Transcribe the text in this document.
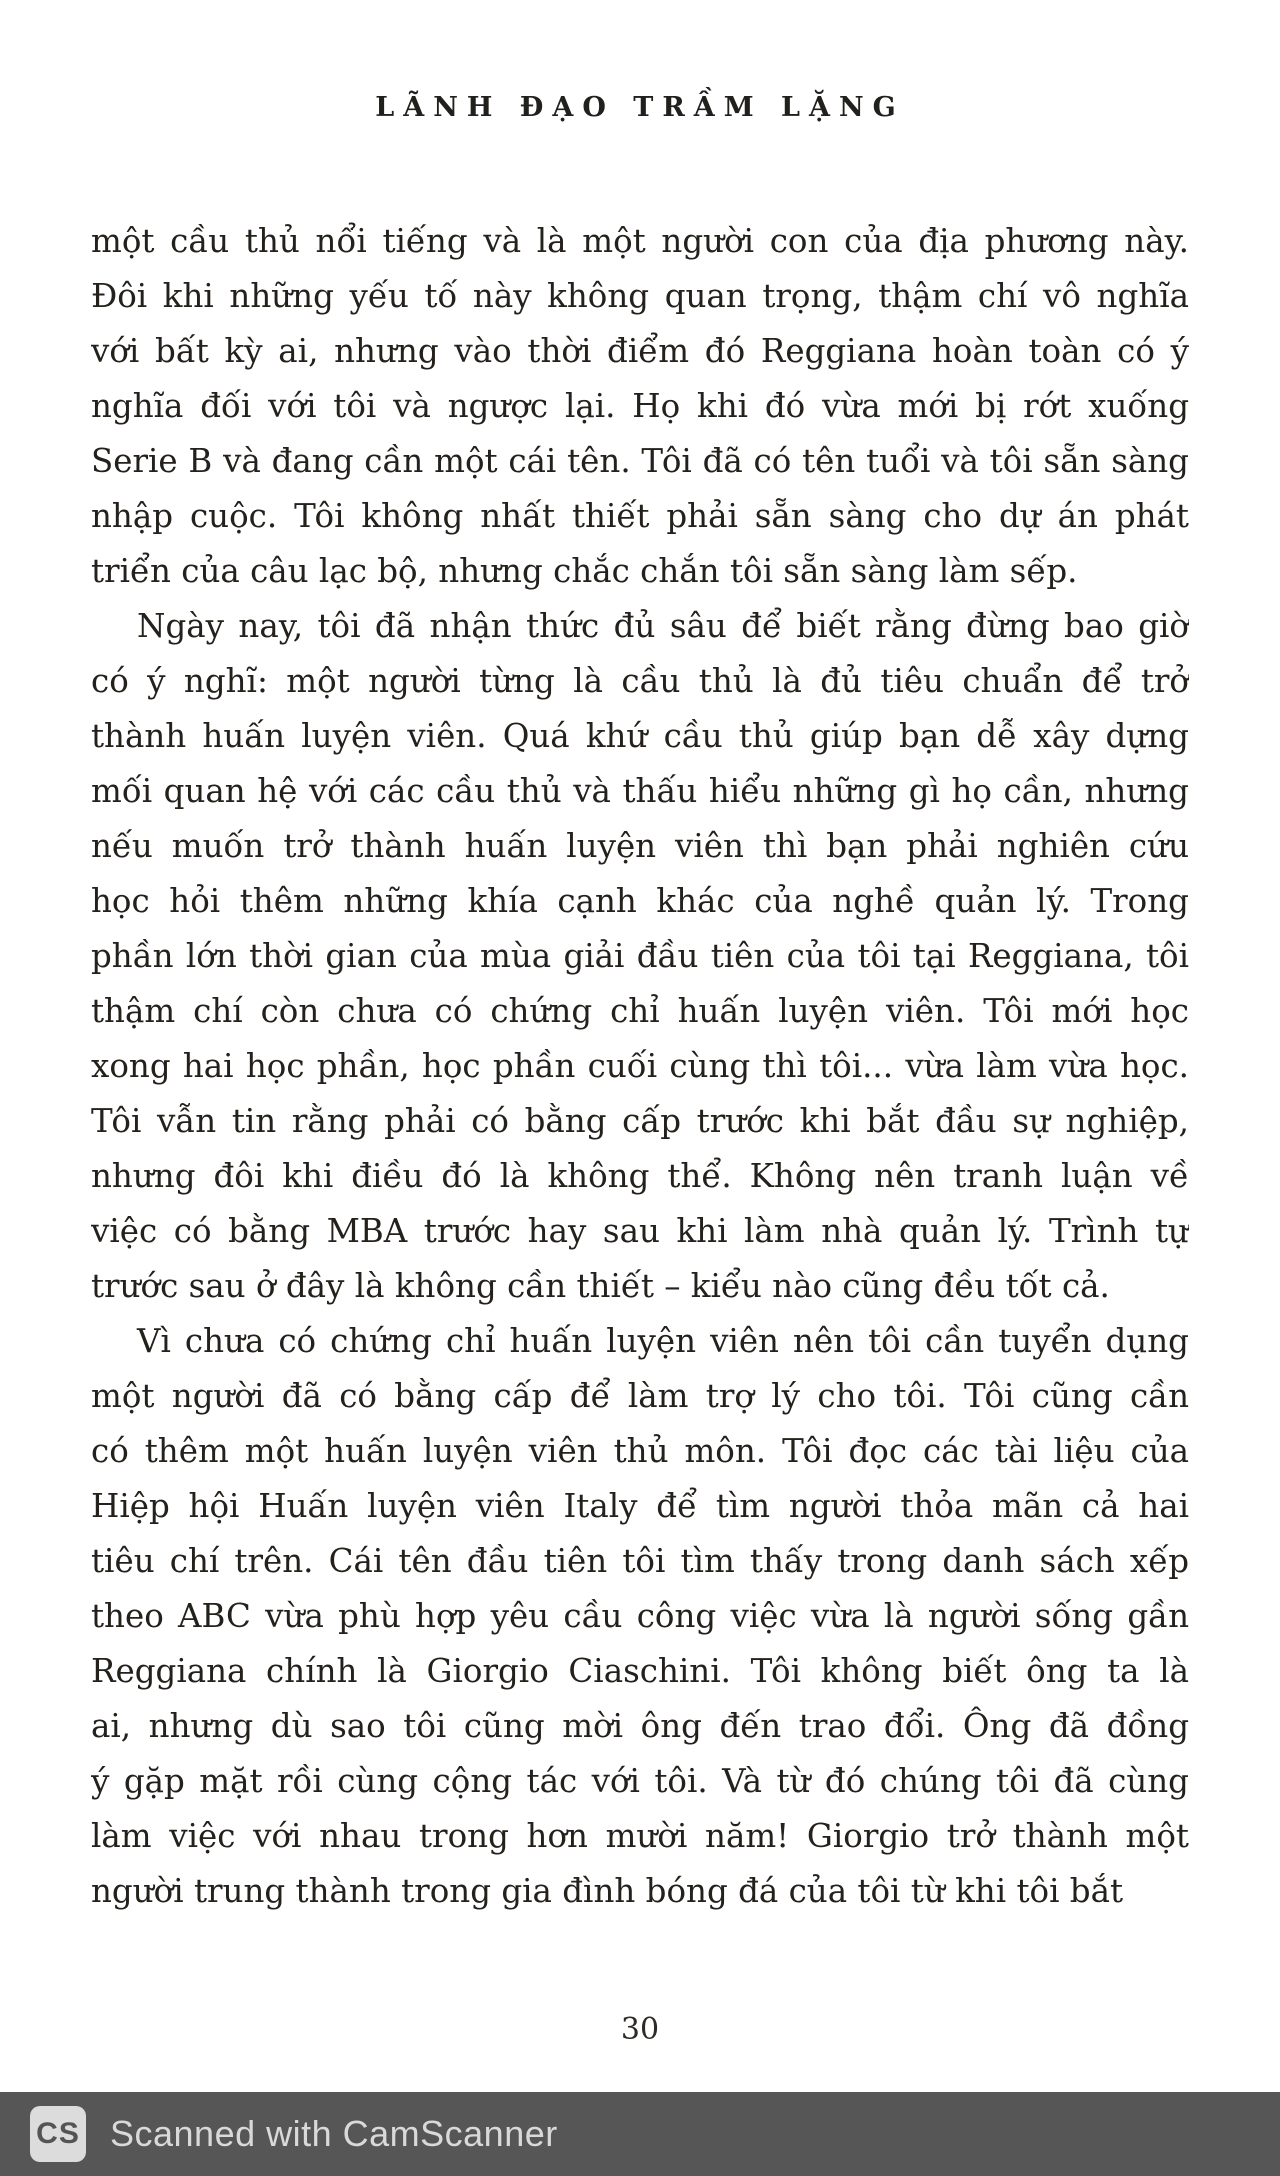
LÃNH ĐẠO TRẦM LẶNG

một cầu thủ nổi tiếng và là một người con của địa phương này.
Đôi khi những yếu tố này không quan trọng, thậm chí vô nghĩa
với bất kỳ ai, nhưng vào thời điểm đó Reggiana hoàn toàn có ý
nghĩa đối với tôi và ngược lại. Họ khi đó vừa mới bị rớt xuống
Serie B và đang cần một cái tên. Tôi đã có tên tuổi và tôi sẵn sàng
nhập cuộc. Tôi không nhất thiết phải sẵn sàng cho dự án phát
triển của câu lạc bộ, nhưng chắc chắn tôi sẵn sàng làm sếp.

Ngày nay, tôi đã nhận thức đủ sâu để biết rằng đừng bao giờ
có ý nghĩ: một người từng là cầu thủ là đủ tiêu chuẩn để trở
thành huấn luyện viên. Quá khứ cầu thủ giúp bạn dễ xây dựng
mối quan hệ với các cầu thủ và thấu hiểu những gì họ cần, nhưng
nếu muốn trở thành huấn luyện viên thì bạn phải nghiên cứu
học hỏi thêm những khía cạnh khác của nghề quản lý. Trong
phần lớn thời gian của mùa giải đầu tiên của tôi tại Reggiana, tôi
thậm chí còn chưa có chứng chỉ huấn luyện viên. Tôi mới học
xong hai học phần, học phần cuối cùng thì tôi... vừa làm vừa học.
Tôi vẫn tin rằng phải có bằng cấp trước khi bắt đầu sự nghiệp,
nhưng đôi khi điều đó là không thể. Không nên tranh luận về
việc có bằng MBA trước hay sau khi làm nhà quản lý. Trình tự
trước sau ở đây là không cần thiết – kiểu nào cũng đều tốt cả.

Vì chưa có chứng chỉ huấn luyện viên nên tôi cần tuyển dụng
một người đã có bằng cấp để làm trợ lý cho tôi. Tôi cũng cần
có thêm một huấn luyện viên thủ môn. Tôi đọc các tài liệu của
Hiệp hội Huấn luyện viên Italy để tìm người thỏa mãn cả hai
tiêu chí trên. Cái tên đầu tiên tôi tìm thấy trong danh sách xếp
theo ABC vừa phù hợp yêu cầu công việc vừa là người sống gần
Reggiana chính là Giorgio Ciaschini. Tôi không biết ông ta là
ai, nhưng dù sao tôi cũng mời ông đến trao đổi. Ông đã đồng
ý gặp mặt rồi cùng cộng tác với tôi. Và từ đó chúng tôi đã cùng
làm việc với nhau trong hơn mười năm! Giorgio trở thành một
người trung thành trong gia đình bóng đá của tôi từ khi tôi bắt

30
CS Scanned with CamScanner
